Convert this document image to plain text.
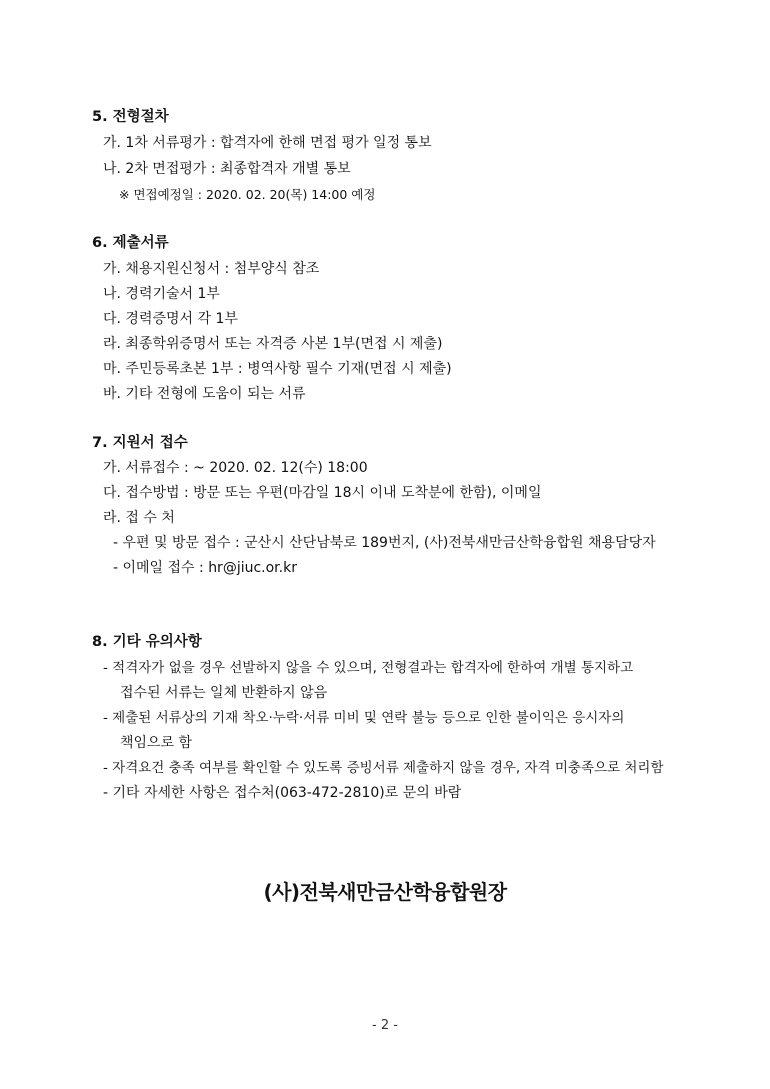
5. 전형절차
가. 1차 서류평가 : 합격자에 한해 면접 평가 일정 통보
나. 2차 면접평가 : 최종합격자 개별 통보
※ 면접예정일 : 2020. 02. 20(목) 14:00 예정
6. 제출서류
가. 채용지원신청서 : 첨부양식 참조
나. 경력기술서 1부
다. 경력증명서 각 1부
라. 최종학위증명서 또는 자격증 사본 1부(면접 시 제출)
마. 주민등록초본 1부 : 병역사항 필수 기재(면접 시 제출)
바. 기타 전형에 도움이 되는 서류
7. 지원서 접수
가. 서류접수 : ~ 2020. 02. 12(수) 18:00
다. 접수방법 : 방문 또는 우편(마감일 18시 이내 도착분에 한함), 이메일
라. 접 수 처
- 우편 및 방문 접수 : 군산시 산단남북로 189번지, (사)전북새만금산학융합원 채용담당자
- 이메일 접수 : hr@jiuc.or.kr
8. 기타 유의사항
- 적격자가 없을 경우 선발하지 않을 수 있으며, 전형결과는 합격자에 한하여 개별 통지하고
접수된 서류는 일체 반환하지 않음
- 제출된 서류상의 기재 착오·누락·서류 미비 및 연락 불능 등으로 인한 불이익은 응시자의
책임으로 함
- 자격요건 충족 여부를 확인할 수 있도록 증빙서류 제출하지 않을 경우, 자격 미충족으로 처리함
- 기타 자세한 사항은 접수처(063-472-2810)로 문의 바람
(사)전북새만금산학융합원장
- 2 -
